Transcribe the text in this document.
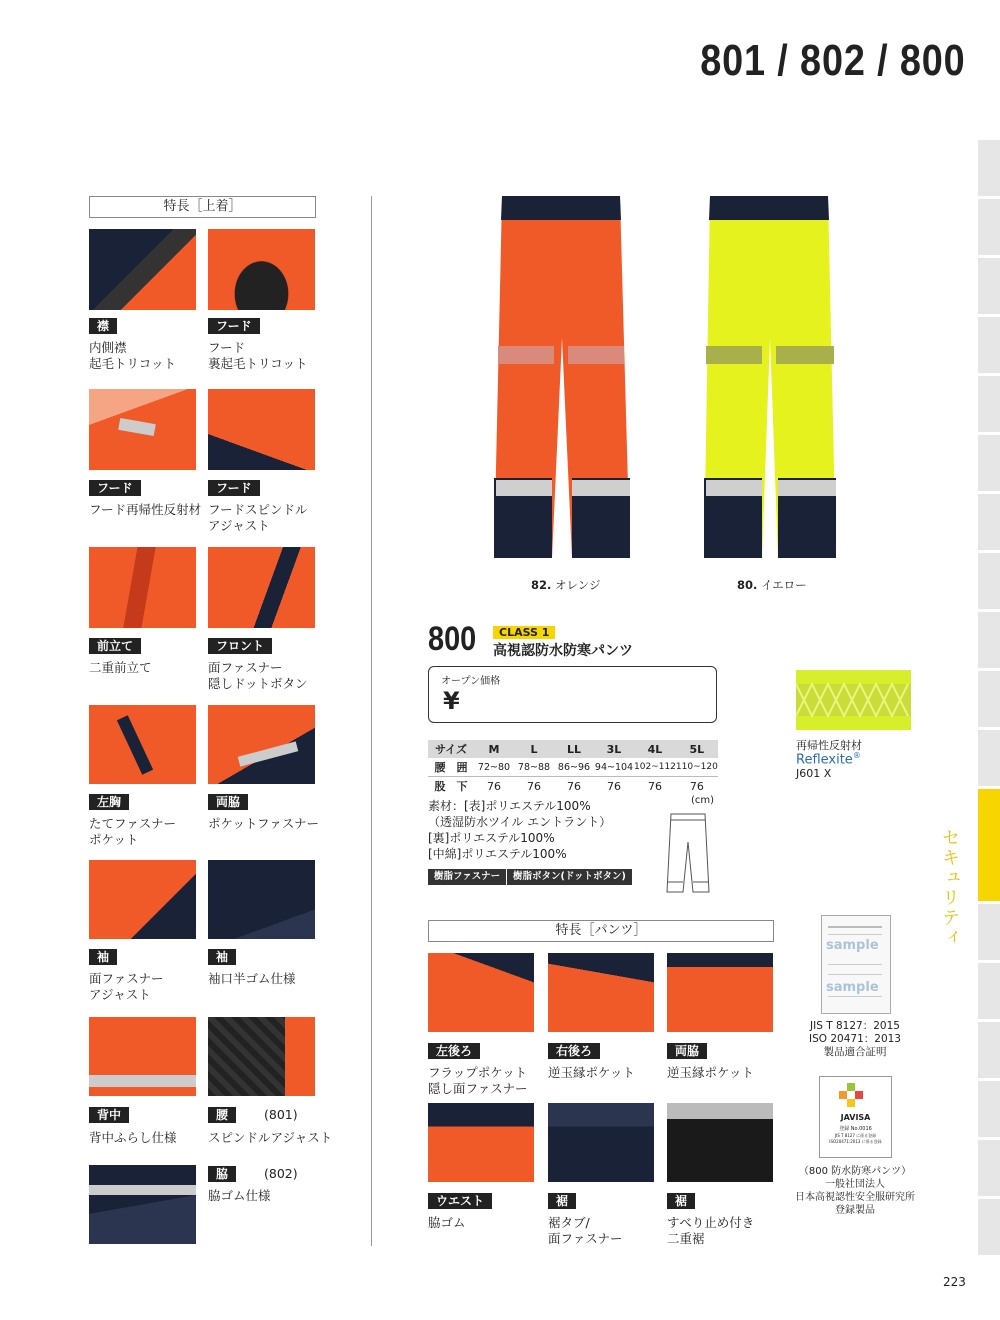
801 / 802 / 800
セキュリティ
特長［上着］
襟	フード
内側襟
起毛トリコット
フード
裏起毛トリコット
フード	フード
フード再帰性反射材 フードスピンドル
アジャスト
前立て	フロント
二重前立て	面ファスナー
隠しドットボタン
左胸	両脇
たてファスナー
ポケット
ポケットファスナー
袖	袖
面ファスナー
アジャスト
袖口半ゴム仕様
背中	腰	(801)
背中ふらし仕様	スピンドルアジャスト
脇	(802)
脇ゴム仕様
82. オレンジ	80. イエロー
800	CLASS 1
高視認防水防寒パンツ
オープン価格
¥
サイズ	M	L	LL	3L	4L	5L
腰　囲	72~80	78~88	86~96	94~104	102~112	110~120
股　下	76	76	76	76	76	76
(cm)
素材：[表]ポリエステル100%
（透湿防水ツイル エントラント）
[裏]ポリエステル100%
[中綿]ポリエステル100%
樹脂ファスナー	樹脂ボタン(ドットボタン)
再帰性反射材
Reflexite®
J601 X
特長［パンツ］
左後ろ	右後ろ	両脇
フラップポケット
隠し面ファスナー
逆玉縁ポケット	逆玉縁ポケット
ウエスト	裾	裾
脇ゴム	裾タブ/
面ファスナー
すべり止め付き
二重裾
sample
sample
JIS T 8127：2015
ISO 20471：2013
製品適合証明
JAVISA
登録 No.0016
JIS T 8127 に係る登録
ISO20471:2013 に係る登録
（800 防水防寒パンツ）
一般社団法人
日本高視認性安全服研究所
登録製品
223
